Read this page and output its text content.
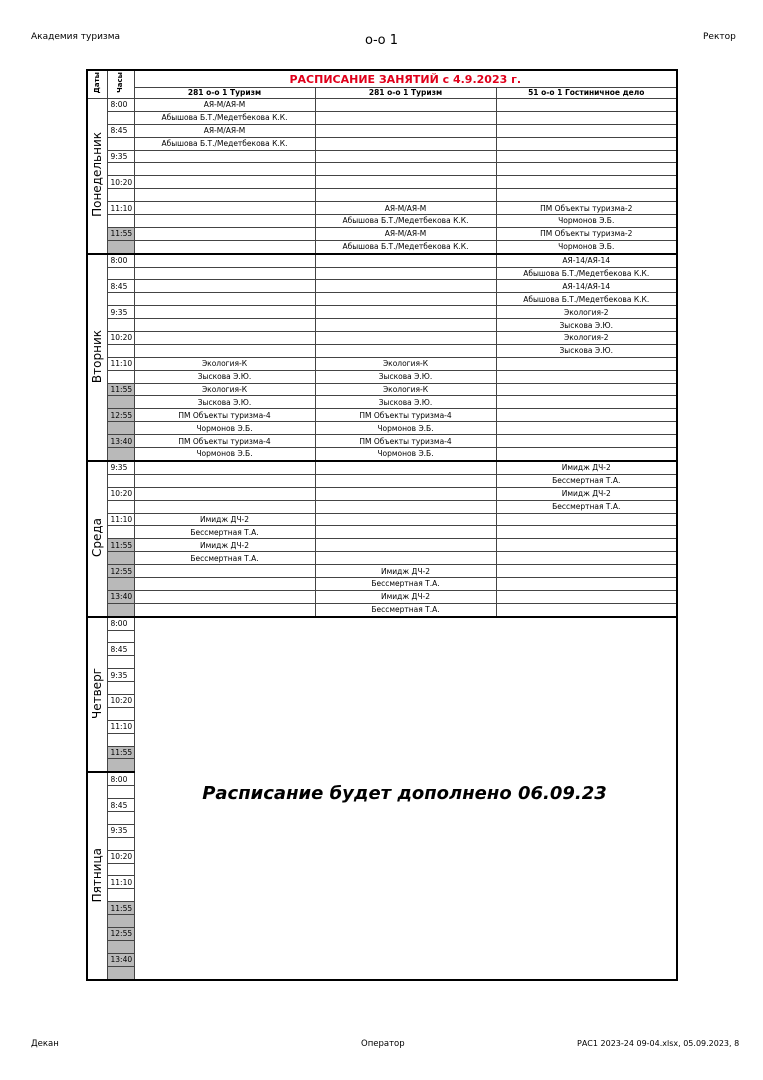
Академия туризма	о-о 1	Ректор
Даты	Часы	РАСПИСАНИЕ ЗАНЯТИЙ с 4.9.2023 г.		
		281 о-о 1 Туризм	281 о-о 1 Туризм	51 о-о 1 Гостиничное дело
Понедельник	8:00	АЯ-М/АЯ-М		
		Абышова Б.Т./Медетбекова К.К.		
	8:45	АЯ-М/АЯ-М		
		Абышова Б.Т./Медетбекова К.К.		
	9:35			

	10:20			

	11:10		АЯ-М/АЯ-М	ПМ Объекты туризма-2
			Абышова Б.Т./Медетбекова К.К.	Чормонов Э.Б.
	11:55		АЯ-М/АЯ-М	ПМ Объекты туризма-2
			Абышова Б.Т./Медетбекова К.К.	Чормонов Э.Б.
Вторник	8:00			АЯ-14/АЯ-14
				Абышова Б.Т./Медетбекова К.К.
	8:45			АЯ-14/АЯ-14
				Абышова Б.Т./Медетбекова К.К.
	9:35			Экология-2
				Зыскова Э.Ю.
	10:20			Экология-2
				Зыскова Э.Ю.
	11:10	Экология-К	Экология-К	
		Зыскова Э.Ю.	Зыскова Э.Ю.	
	11:55	Экология-К	Экология-К	
		Зыскова Э.Ю.	Зыскова Э.Ю.	
	12:55	ПМ Объекты туризма-4	ПМ Объекты туризма-4	
		Чормонов Э.Б.	Чормонов Э.Б.	
	13:40	ПМ Объекты туризма-4	ПМ Объекты туризма-4	
		Чормонов Э.Б.	Чормонов Э.Б.	
Среда	9:35			Имидж ДЧ-2
				Бессмертная Т.А.
	10:20			Имидж ДЧ-2
				Бессмертная Т.А.
	11:10	Имидж ДЧ-2		
		Бессмертная Т.А.		
	11:55	Имидж ДЧ-2		
		Бессмертная Т.А.		
	12:55		Имидж ДЧ-2	
			Бессмертная Т.А.	
	13:40		Имидж ДЧ-2	
			Бессмертная Т.А.	
Четверг	8:00			

	8:45			

	9:35			

	10:20			

	11:10			

	11:55			

Пятница	8:00			

	8:45			

	9:35			

	10:20			

	11:10			

	11:55			

	12:55			

	13:40			

Расписание будет дополнено 06.09.23
Декан	Оператор	РАС1 2023-24 09-04.xlsx, 05.09.2023, 8
